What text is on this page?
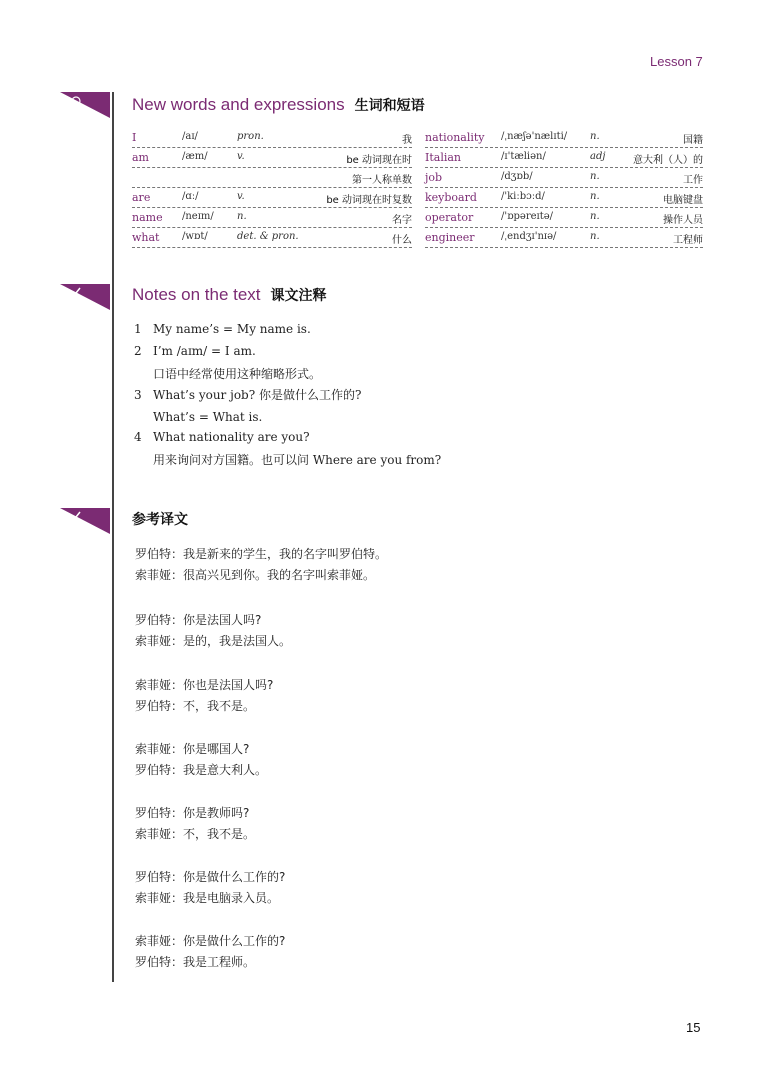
Lesson 7
New words and expressions 生词和短语
I	/aɪ/	pron.	我
am	/æm/	v.	be 动词现在时
第一人称单数
are	/ɑː/	v.	be 动词现在时复数
name /neɪm/ n.	名字
what /wɒt/	det. & pron.	什么
nationality /ˌnæʃə'nælɪti/ n.	国籍
Italian	/ɪ'tæliən/	adj	意大利（人）的
job	/dʒɒb/	n.	工作
keyboard /'kiːbɔːd/	n.	电脑键盘
operator	/'ɒpəreɪtə/	n.	操作人员
engineer	/ˌendʒɪ'nɪə/	n.	工程师
Notes on the text 课文注释
1 My name’s = My name is.
2 I’m /aɪm/ = I am.
口语中经常使用这种缩略形式。
3 What’s your job? 你是做什么工作的?
What’s = What is.
4 What nationality are you?
用来询问对方国籍。也可以问 Where are you from?
参考译文
罗伯特：我是新来的学生，我的名字叫罗伯特。
索菲娅：很高兴见到你。我的名字叫索菲娅。
罗伯特：你是法国人吗?
索菲娅：是的，我是法国人。
索菲娅：你也是法国人吗?
罗伯特：不，我不是。
索菲娅：你是哪国人?
罗伯特：我是意大利人。
罗伯特：你是教师吗?
索菲娅：不，我不是。
罗伯特：你是做什么工作的?
索菲娅：我是电脑录入员。
索菲娅：你是做什么工作的?
罗伯特：我是工程师。
15
